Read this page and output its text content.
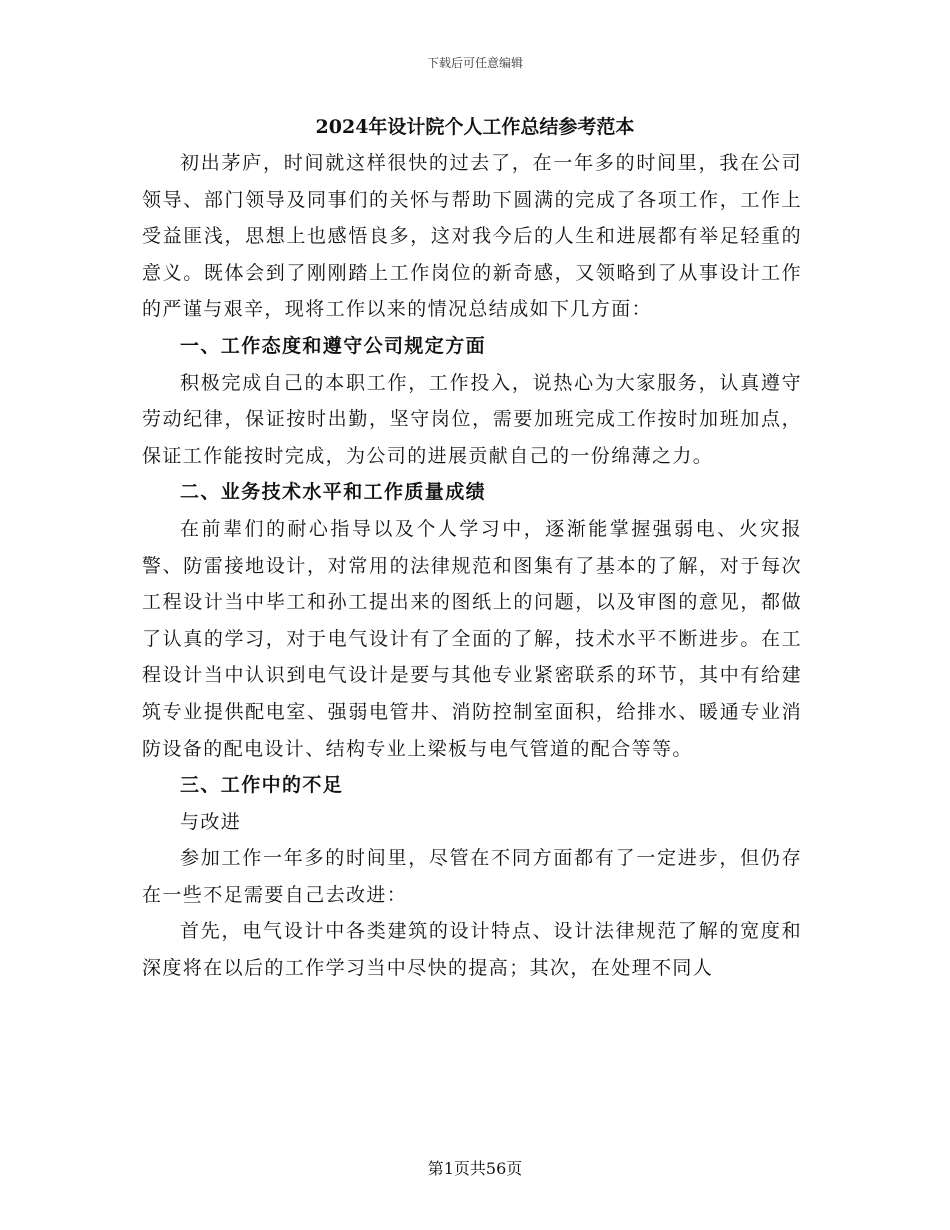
下载后可任意编辑
2024年设计院个人工作总结参考范本

初出茅庐，时间就这样很快的过去了，在一年多的时间里，我在公司领导、部门领导及同事们的关怀与帮助下圆满的完成了各项工作，工作上受益匪浅，思想上也感悟良多，这对我今后的人生和进展都有举足轻重的意义。既体会到了刚刚踏上工作岗位的新奇感，又领略到了从事设计工作的严谨与艰辛，现将工作以来的情况总结成如下几方面：

一、工作态度和遵守公司规定方面

积极完成自己的本职工作，工作投入，说热心为大家服务，认真遵守劳动纪律，保证按时出勤，坚守岗位，需要加班完成工作按时加班加点，保证工作能按时完成，为公司的进展贡献自己的一份绵薄之力。

二、业务技术水平和工作质量成绩

在前辈们的耐心指导以及个人学习中，逐渐能掌握强弱电、火灾报警、防雷接地设计，对常用的法律规范和图集有了基本的了解，对于每次工程设计当中毕工和孙工提出来的图纸上的问题，以及审图的意见，都做了认真的学习，对于电气设计有了全面的了解，技术水平不断进步。在工程设计当中认识到电气设计是要与其他专业紧密联系的环节，其中有给建筑专业提供配电室、强弱电管井、消防控制室面积，给排水、暖通专业消防设备的配电设计、结构专业上梁板与电气管道的配合等等。

三、工作中的不足

与改进

参加工作一年多的时间里，尽管在不同方面都有了一定进步，但仍存在一些不足需要自己去改进：

首先，电气设计中各类建筑的设计特点、设计法律规范了解的宽度和深度将在以后的工作学习当中尽快的提高；其次，在处理不同人

第1页共56页
